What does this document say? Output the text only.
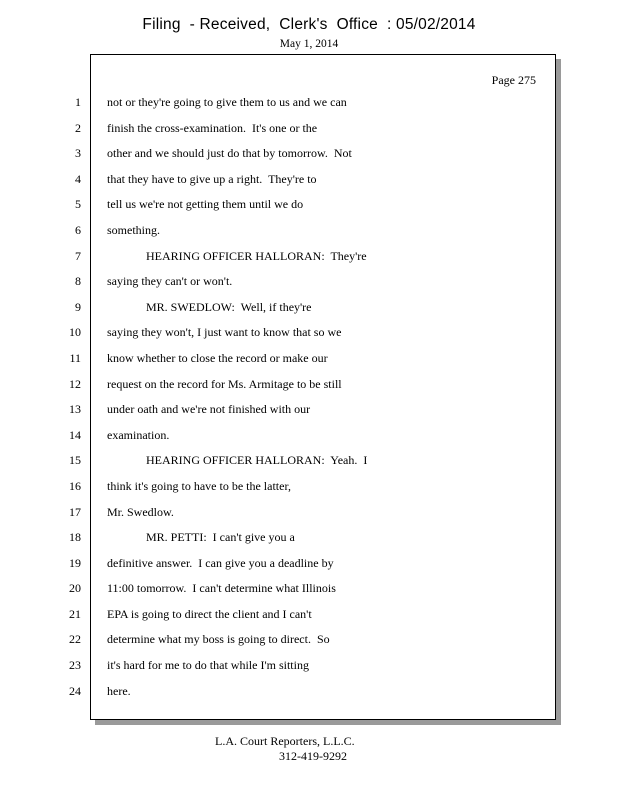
Filing  - Received,  Clerk's  Office  : 05/02/2014
May 1, 2014
Page 275
1 not or they're going to give them to us and we can
2 finish the cross-examination.  It's one or the
3 other and we should just do that by tomorrow.  Not
4 that they have to give up a right.  They're to
5 tell us we're not getting them until we do
6 something.
7	HEARING OFFICER HALLORAN:  They're
8 saying they can't or won't.
9	MR. SWEDLOW:  Well, if they're
10 saying they won't, I just want to know that so we
11 know whether to close the record or make our
12 request on the record for Ms. Armitage to be still
13 under oath and we're not finished with our
14 examination.
15	HEARING OFFICER HALLORAN:  Yeah.  I
16 think it's going to have to be the latter,
17 Mr. Swedlow.
18	MR. PETTI:  I can't give you a
19 definitive answer.  I can give you a deadline by
20 11:00 tomorrow.  I can't determine what Illinois
21 EPA is going to direct the client and I can't
22 determine what my boss is going to direct.  So
23 it's hard for me to do that while I'm sitting
24 here.
L.A. Court Reporters, L.L.C.
312-419-9292
